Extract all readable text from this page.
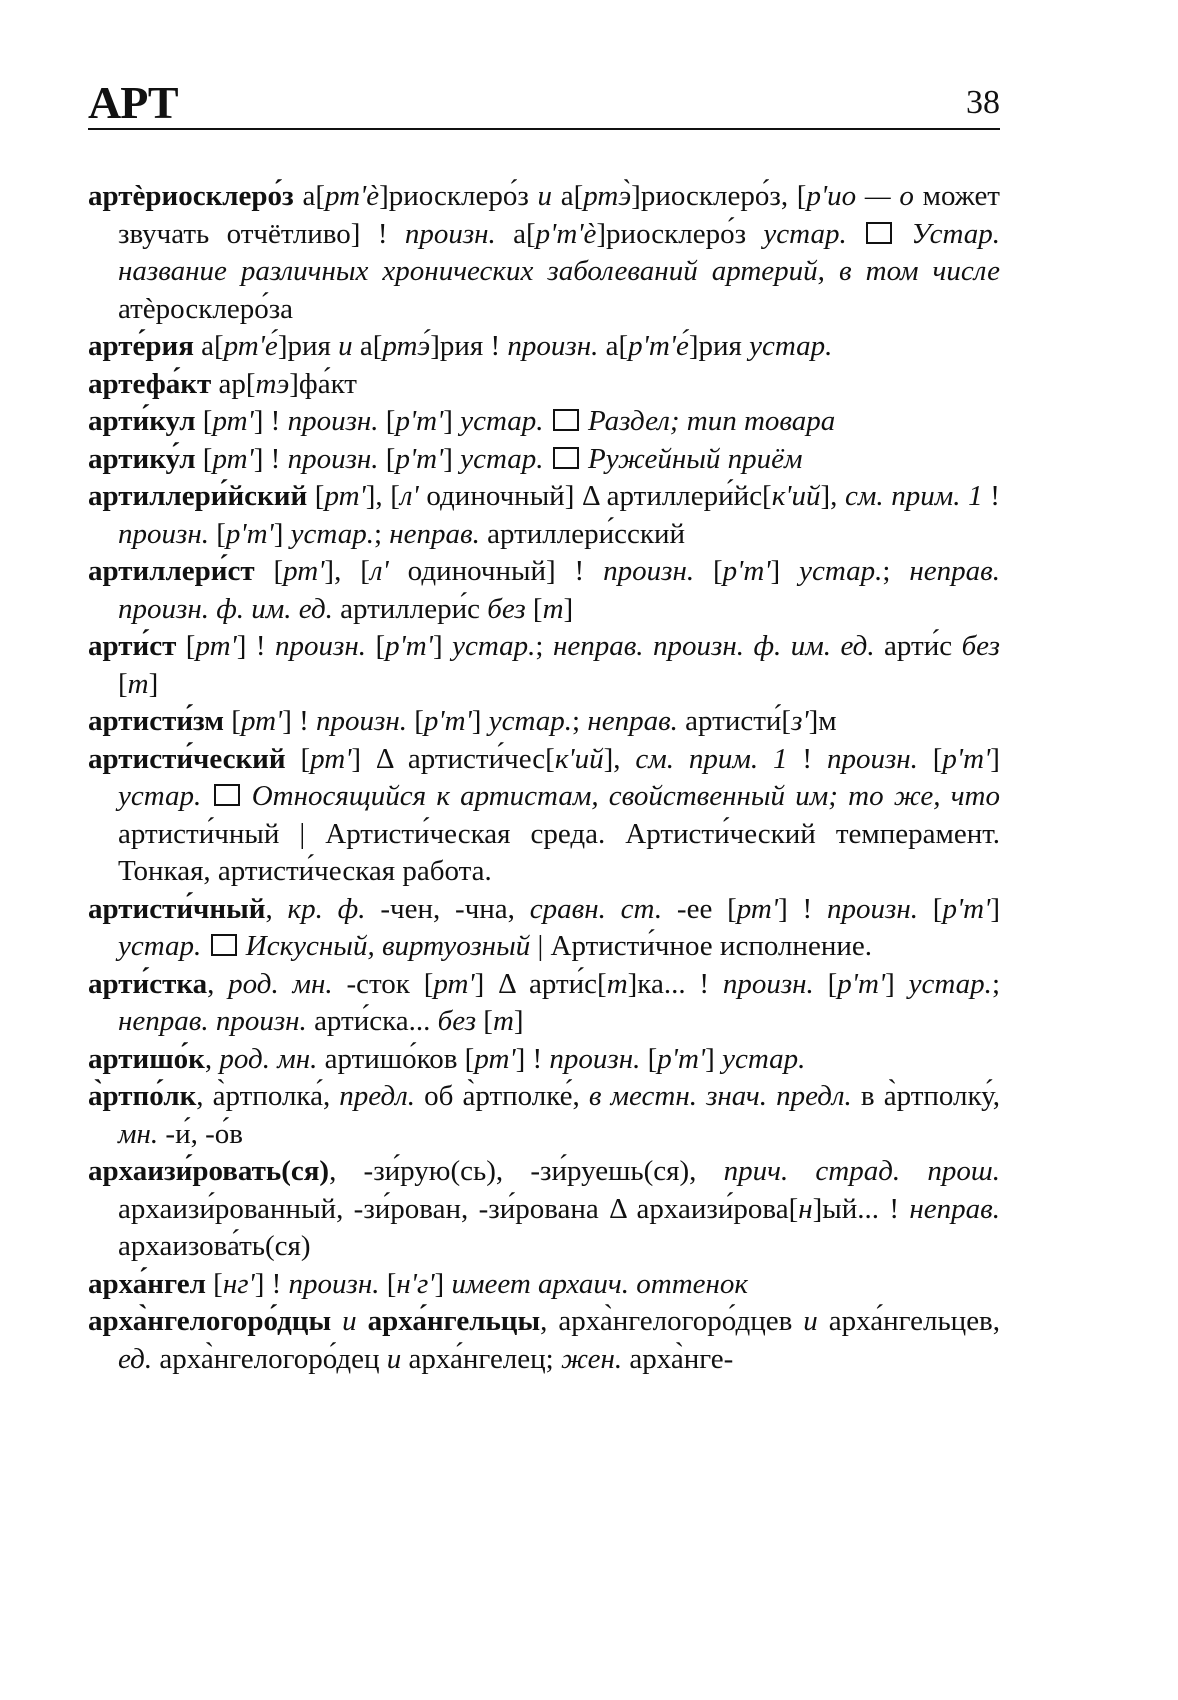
АРТ	38

артѐриосклеро́з а[рт'ѐ]риосклеро́з и а[ртэ̀]риосклеро́з, [р'ио — о может звучать отчётливо] ! произн. а[р'т'ѐ]риосклеро́з устар. Устар. название различных хронических заболеваний артерий, в том числе атѐросклеро́за

арте́рия а[рт'е́]рия и а[ртэ́]рия ! произн. а[р'т'е́]рия устар.

артефа́кт ар[тэ]фа́кт

арти́кул [рт'] ! произн. [р'т'] устар. Раздел; тип товара

артику́л [рт'] ! произн. [р'т'] устар. Ружейный приём

артиллери́йский [рт'], [л' одиночный] Δ артиллери́йс[к'ий], см. прим. 1 ! произн. [р'т'] устар.; неправ. артиллери́сский

артиллери́ст [рт'], [л' одиночный] ! произн. [р'т'] устар.; неправ. произн. ф. им. ед. артиллери́с без [т]

арти́ст [рт'] ! произн. [р'т'] устар.; неправ. произн. ф. им. ед. арти́с без [т]

артисти́зм [рт'] ! произн. [р'т'] устар.; неправ. артисти́[з']м

артисти́ческий [рт'] Δ артисти́чес[к'ий], см. прим. 1 ! произн. [р'т'] устар. Относящийся к артистам, свойственный им; то же, что артисти́чный | Артисти́ческая среда. Артисти́ческий темперамент. Тонкая, артисти́ческая работа.

артисти́чный, кр. ф. -чен, -чна, сравн. ст. -ее [рт'] ! произн. [р'т'] устар. Искусный, виртуозный | Артисти́чное исполнение.

арти́стка, род. мн. -сток [рт'] Δ арти́с[т]ка... ! произн. [р'т'] устар.; неправ. произн. арти́ска... без [т]

артишо́к, род. мн. артишо́ков [рт'] ! произн. [р'т'] устар.

а̀ртпо́лк, а̀ртполка́, предл. об а̀ртполке́, в местн. знач. предл. в а̀ртполку́, мн. -и́, -о́в

архаизи́ровать(ся), -зи́рую(сь), -зи́руешь(ся), прич. страд. прош. архаизи́рованный, -зи́рован, -зи́рована Δ архаизи́рова[н]ый... ! неправ. архаизова́ть(ся)

арха́нгел [нг'] ! произн. [н'г'] имеет архаич. оттенок

арха̀нгелогоро́дцы и арха́нгельцы, арха̀нгелогоро́дцев и арха́нгельцев, ед. арха̀нгелогоро́дец и арха́нгелец; жен. арха̀нге-
